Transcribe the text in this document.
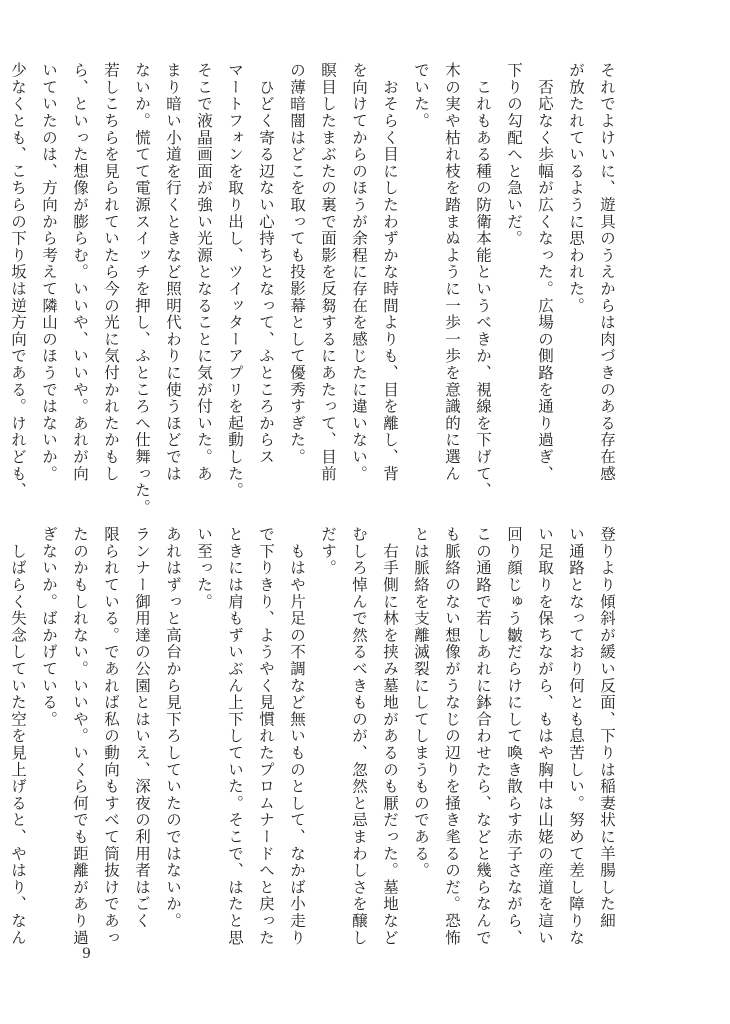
それでよけいに、遊具のうえからは肉づきのある存在感
が放たれているように思われた。
　否応なく歩幅が広くなった。広場の側路を通り過ぎ、
下りの勾配へと急いだ。
　これもある種の防衛本能というべきか、視線を下げて、
木の実や枯れ枝を踏まぬように一歩一歩を意識的に選ん
でいた。
　おそらく目にしたわずかな時間よりも、目を離し、背
を向けてからのほうが余程に存在を感じたに違いない。
瞑目したまぶたの裏で面影を反芻するにあたって、目前
の薄暗闇はどこを取っても投影幕として優秀すぎた。
　ひどく寄る辺ない心持ちとなって、ふところからス
マートフォンを取り出し、ツイッターアプリを起動した。
そこで液晶画面が強い光源となることに気が付いた。あ
まり暗い小道を行くときなど照明代わりに使うほどでは
ないか。慌てて電源スイッチを押し、ふところへ仕舞った。
若しこちらを見られていたら今の光に気付かれたかもし
ら、といった想像が膨らむ。いいや、いいや。あれが向
いていたのは、方向から考えて隣山のほうではないか。
少なくとも、こちらの下り坂は逆方向である。けれども、
登りより傾斜が緩い反面、下りは稲妻状に羊腸した細
い通路となっており何とも息苦しい。努めて差し障りな
い足取りを保ちながら、もはや胸中は山姥の産道を這い
回り顔じゅう皺だらけにして喚き散らす赤子さながら、
この通路で若しあれに鉢合わせたら、などと幾らなんで
も脈絡のない想像がうなじの辺りを掻き毟るのだ。恐怖
とは脈絡を支離滅裂にしてしまうものである。
　右手側に林を挟み墓地があるのも厭だった。墓地など
むしろ悼んで然るべきものが、忽然と忌まわしさを醸し
だす。
　もはや片足の不調など無いものとして、なかば小走り
で下りきり、ようやく見慣れたプロムナードへと戻った
ときには肩もずいぶん上下していた。そこで、はたと思
い至った。
あれはずっと高台から見下ろしていたのではないか。
ランナー御用達の公園とはいえ、深夜の利用者はごく
限られている。であれば私の動向もすべて筒抜けであっ
たのかもしれない。いいや。いくら何でも距離があり過
ぎないか。ばかげている。
　しばらく失念していた空を見上げると、やはり、なん
9
